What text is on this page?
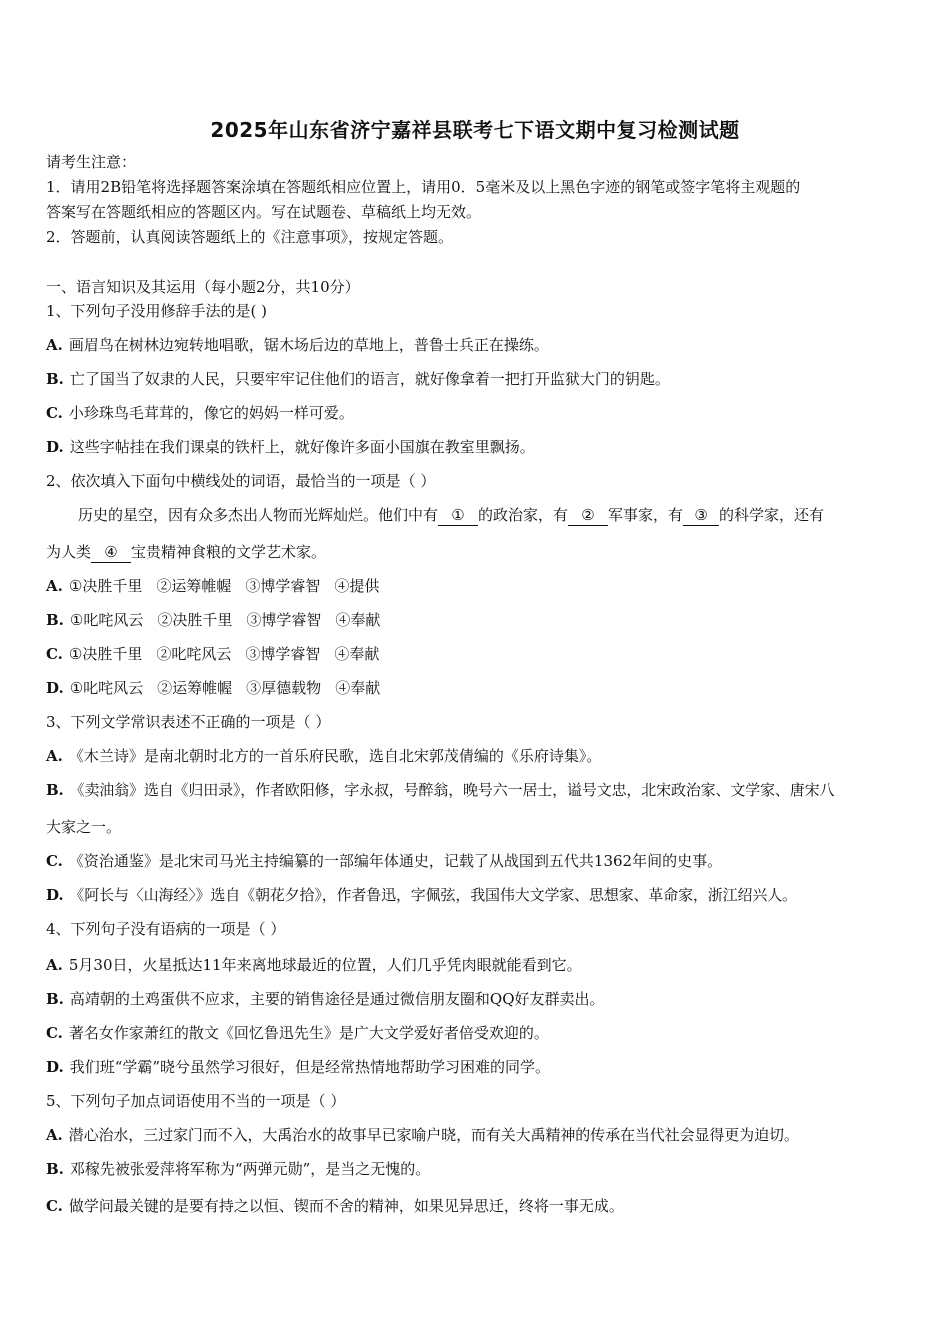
2025年山东省济宁嘉祥县联考七下语文期中复习检测试题
请考生注意：
1．请用2B铅笔将选择题答案涂填在答题纸相应位置上，请用0．5毫米及以上黑色字迹的钢笔或签字笔将主观题的
答案写在答题纸相应的答题区内。写在试题卷、草稿纸上均无效。
2．答题前，认真阅读答题纸上的《注意事项》，按规定答题。
一、语言知识及其运用（每小题2分，共10分）
1、下列句子没用修辞手法的是( )
A. 画眉鸟在树林边宛转地唱歌，锯木场后边的草地上，普鲁士兵正在操练。
B. 亡了国当了奴隶的人民，只要牢牢记住他们的语言，就好像拿着一把打开监狱大门的钥匙。
C. 小珍珠鸟毛茸茸的，像它的妈妈一样可爱。
D. 这些字帖挂在我们课桌的铁杆上，就好像许多面小国旗在教室里飘扬。
2、依次填入下面句中横线处的词语，最恰当的一项是（ ）
历史的星空，因有众多杰出人物而光辉灿烂。他们中有 ① 的政治家，有 ② 军事家，有 ③ 的科学家，还有
为人类 ④ 宝贵精神食粮的文学艺术家。
A. ①决胜千里 ②运筹帷幄 ③博学睿智 ④提供
B. ①叱咤风云 ②决胜千里 ③博学睿智 ④奉献
C. ①决胜千里 ②叱咤风云 ③博学睿智 ④奉献
D. ①叱咤风云 ②运筹帷幄 ③厚德载物 ④奉献
3、下列文学常识表述不正确的一项是（ ）
A. 《木兰诗》是南北朝时北方的一首乐府民歌，选自北宋郭茂倩编的《乐府诗集》。
B. 《卖油翁》选自《归田录》，作者欧阳修，字永叔，号醉翁，晚号六一居士，谥号文忠，北宋政治家、文学家、唐宋八
大家之一。
C. 《资治通鉴》是北宋司马光主持编纂的一部编年体通史，记载了从战国到五代共1362年间的史事。
D. 《阿长与〈山海经〉》选自《朝花夕拾》，作者鲁迅，字佩弦，我国伟大文学家、思想家、革命家，浙江绍兴人。
4、下列句子没有语病的一项是（ ）
A. 5月30日，火星抵达11年来离地球最近的位置，人们几乎凭肉眼就能看到它。
B. 高靖朝的土鸡蛋供不应求，主要的销售途径是通过微信朋友圈和QQ好友群卖出。
C. 著名女作家萧红的散文《回忆鲁迅先生》是广大文学爱好者倍受欢迎的。
D. 我们班“学霸”晓兮虽然学习很好，但是经常热情地帮助学习困难的同学。
5、下列句子加点词语使用不当的一项是（ ）
A. 潜心治水，三过家门而不入，大禹治水的故事早已家喻户晓，而有关大禹精神的传承在当代社会显得更为迫切。
B. 邓稼先被张爱萍将军称为“两弹元勋”，是当之无愧的。
C. 做学问最关键的是要有持之以恒、锲而不舍的精神，如果见异思迁，终将一事无成。
